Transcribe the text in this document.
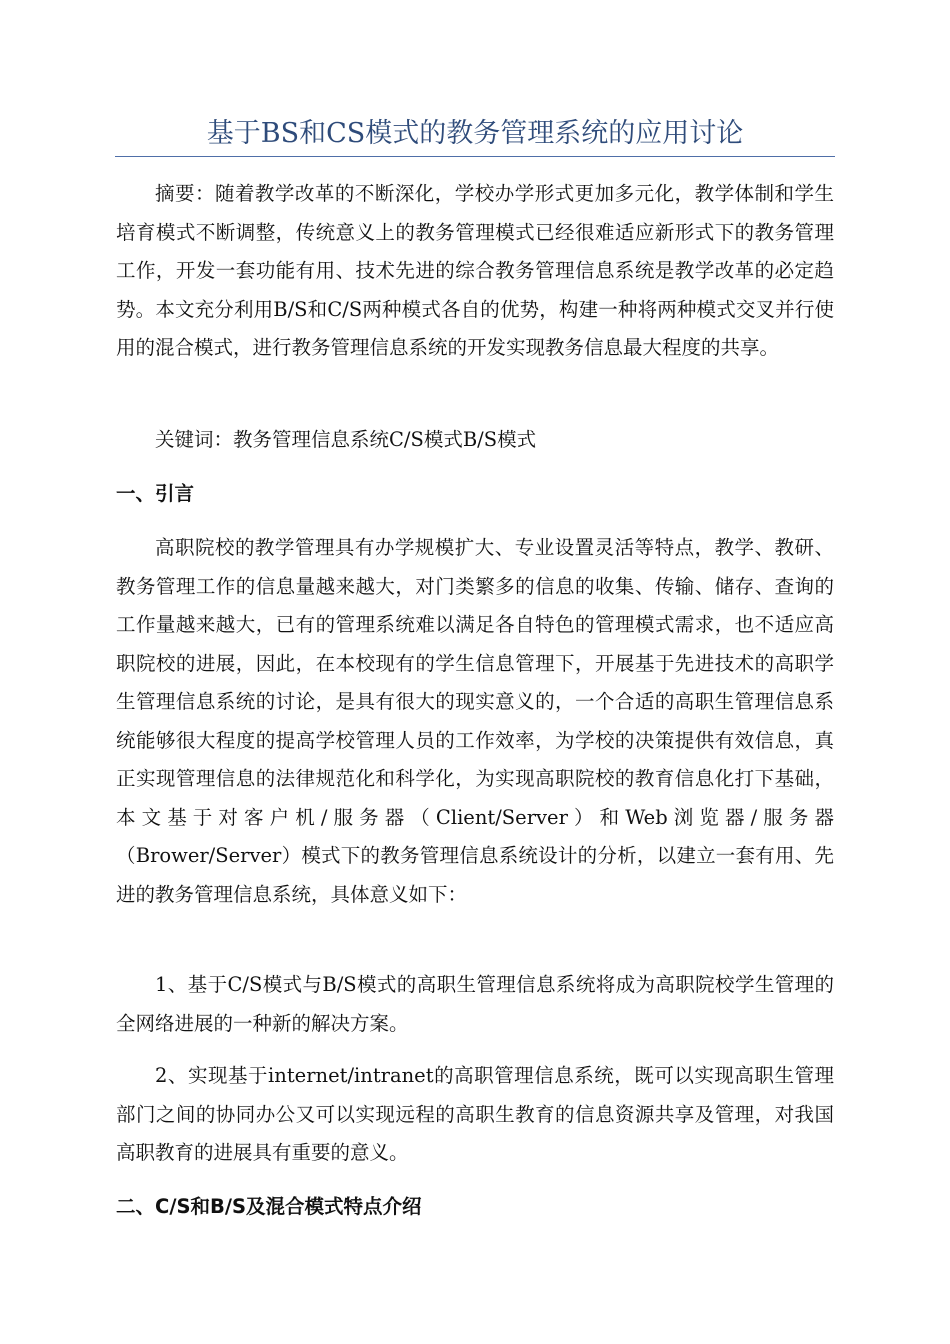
基于BS和CS模式的教务管理系统的应用讨论

摘要：随着教学改革的不断深化，学校办学形式更加多元化，教学体制和学生培育模式不断调整，传统意义上的教务管理模式已经很难适应新形式下的教务管理工作，开发一套功能有用、技术先进的综合教务管理信息系统是教学改革的必定趋势。本文充分利用B/S和C/S两种模式各自的优势，构建一种将两种模式交叉并行使用的混合模式，进行教务管理信息系统的开发实现教务信息最大程度的共享。

关键词：教务管理信息系统C/S模式B/S模式

一、引言

高职院校的教学管理具有办学规模扩大、专业设置灵活等特点，教学、教研、教务管理工作的信息量越来越大，对门类繁多的信息的收集、传输、储存、查询的工作量越来越大，已有的管理系统难以满足各自特色的管理模式需求，也不适应高职院校的进展，因此，在本校现有的学生信息管理下，开展基于先进技术的高职学生管理信息系统的讨论，是具有很大的现实意义的，一个合适的高职生管理信息系统能够很大程度的提高学校管理人员的工作效率，为学校的决策提供有效信息，真正实现管理信息的法律规范化和科学化，为实现高职院校的教育信息化打下基础，本文基于对客户机/服务器（Client/Server）和Web浏览器/服务器（Brower/Server）模式下的教务管理信息系统设计的分析，以建立一套有用、先进的教务管理信息系统，具体意义如下：

1、基于C/S模式与B/S模式的高职生管理信息系统将成为高职院校学生管理的全网络进展的一种新的解决方案。

2、实现基于internet/intranet的高职管理信息系统，既可以实现高职生管理部门之间的协同办公又可以实现远程的高职生教育的信息资源共享及管理，对我国高职教育的进展具有重要的意义。

二、C/S和B/S及混合模式特点介绍
